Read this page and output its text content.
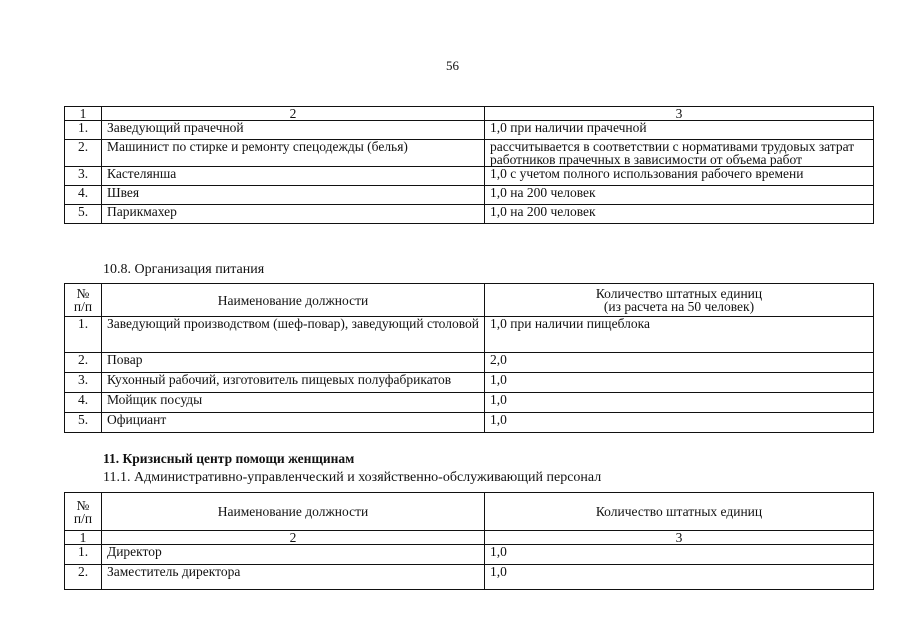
56
1	2	3
1.	Заведующий прачечной	1,0 при наличии прачечной
2.	Машинист по стирке и ремонту спецодежды (белья)	рассчитывается в соответствии с нормативами трудовых затрат работников прачечных в зависимости от объема работ
3.	Кастелянша	1,0 с учетом полного использования рабочего времени
4.	Швея	1,0 на 200 человек
5.	Парикмахер	1,0 на 200 человек
10.8. Организация питания
№
п/п	Наименование должности	Количество штатных единиц
(из расчета на 50 человек)
1.	Заведующий производством (шеф-повар), заведующий столовой	1,0 при наличии пищеблока
2.	Повар	2,0
3.	Кухонный рабочий, изготовитель пищевых полуфабрикатов	1,0
4.	Мойщик посуды	1,0
5.	Официант	1,0
11. Кризисный центр помощи женщинам
11.1. Административно-управленческий и хозяйственно-обслуживающий персонал
№
п/п	Наименование должности	Количество штатных единиц
1	2	3
1.	Директор	1,0
2.	Заместитель директора	1,0
